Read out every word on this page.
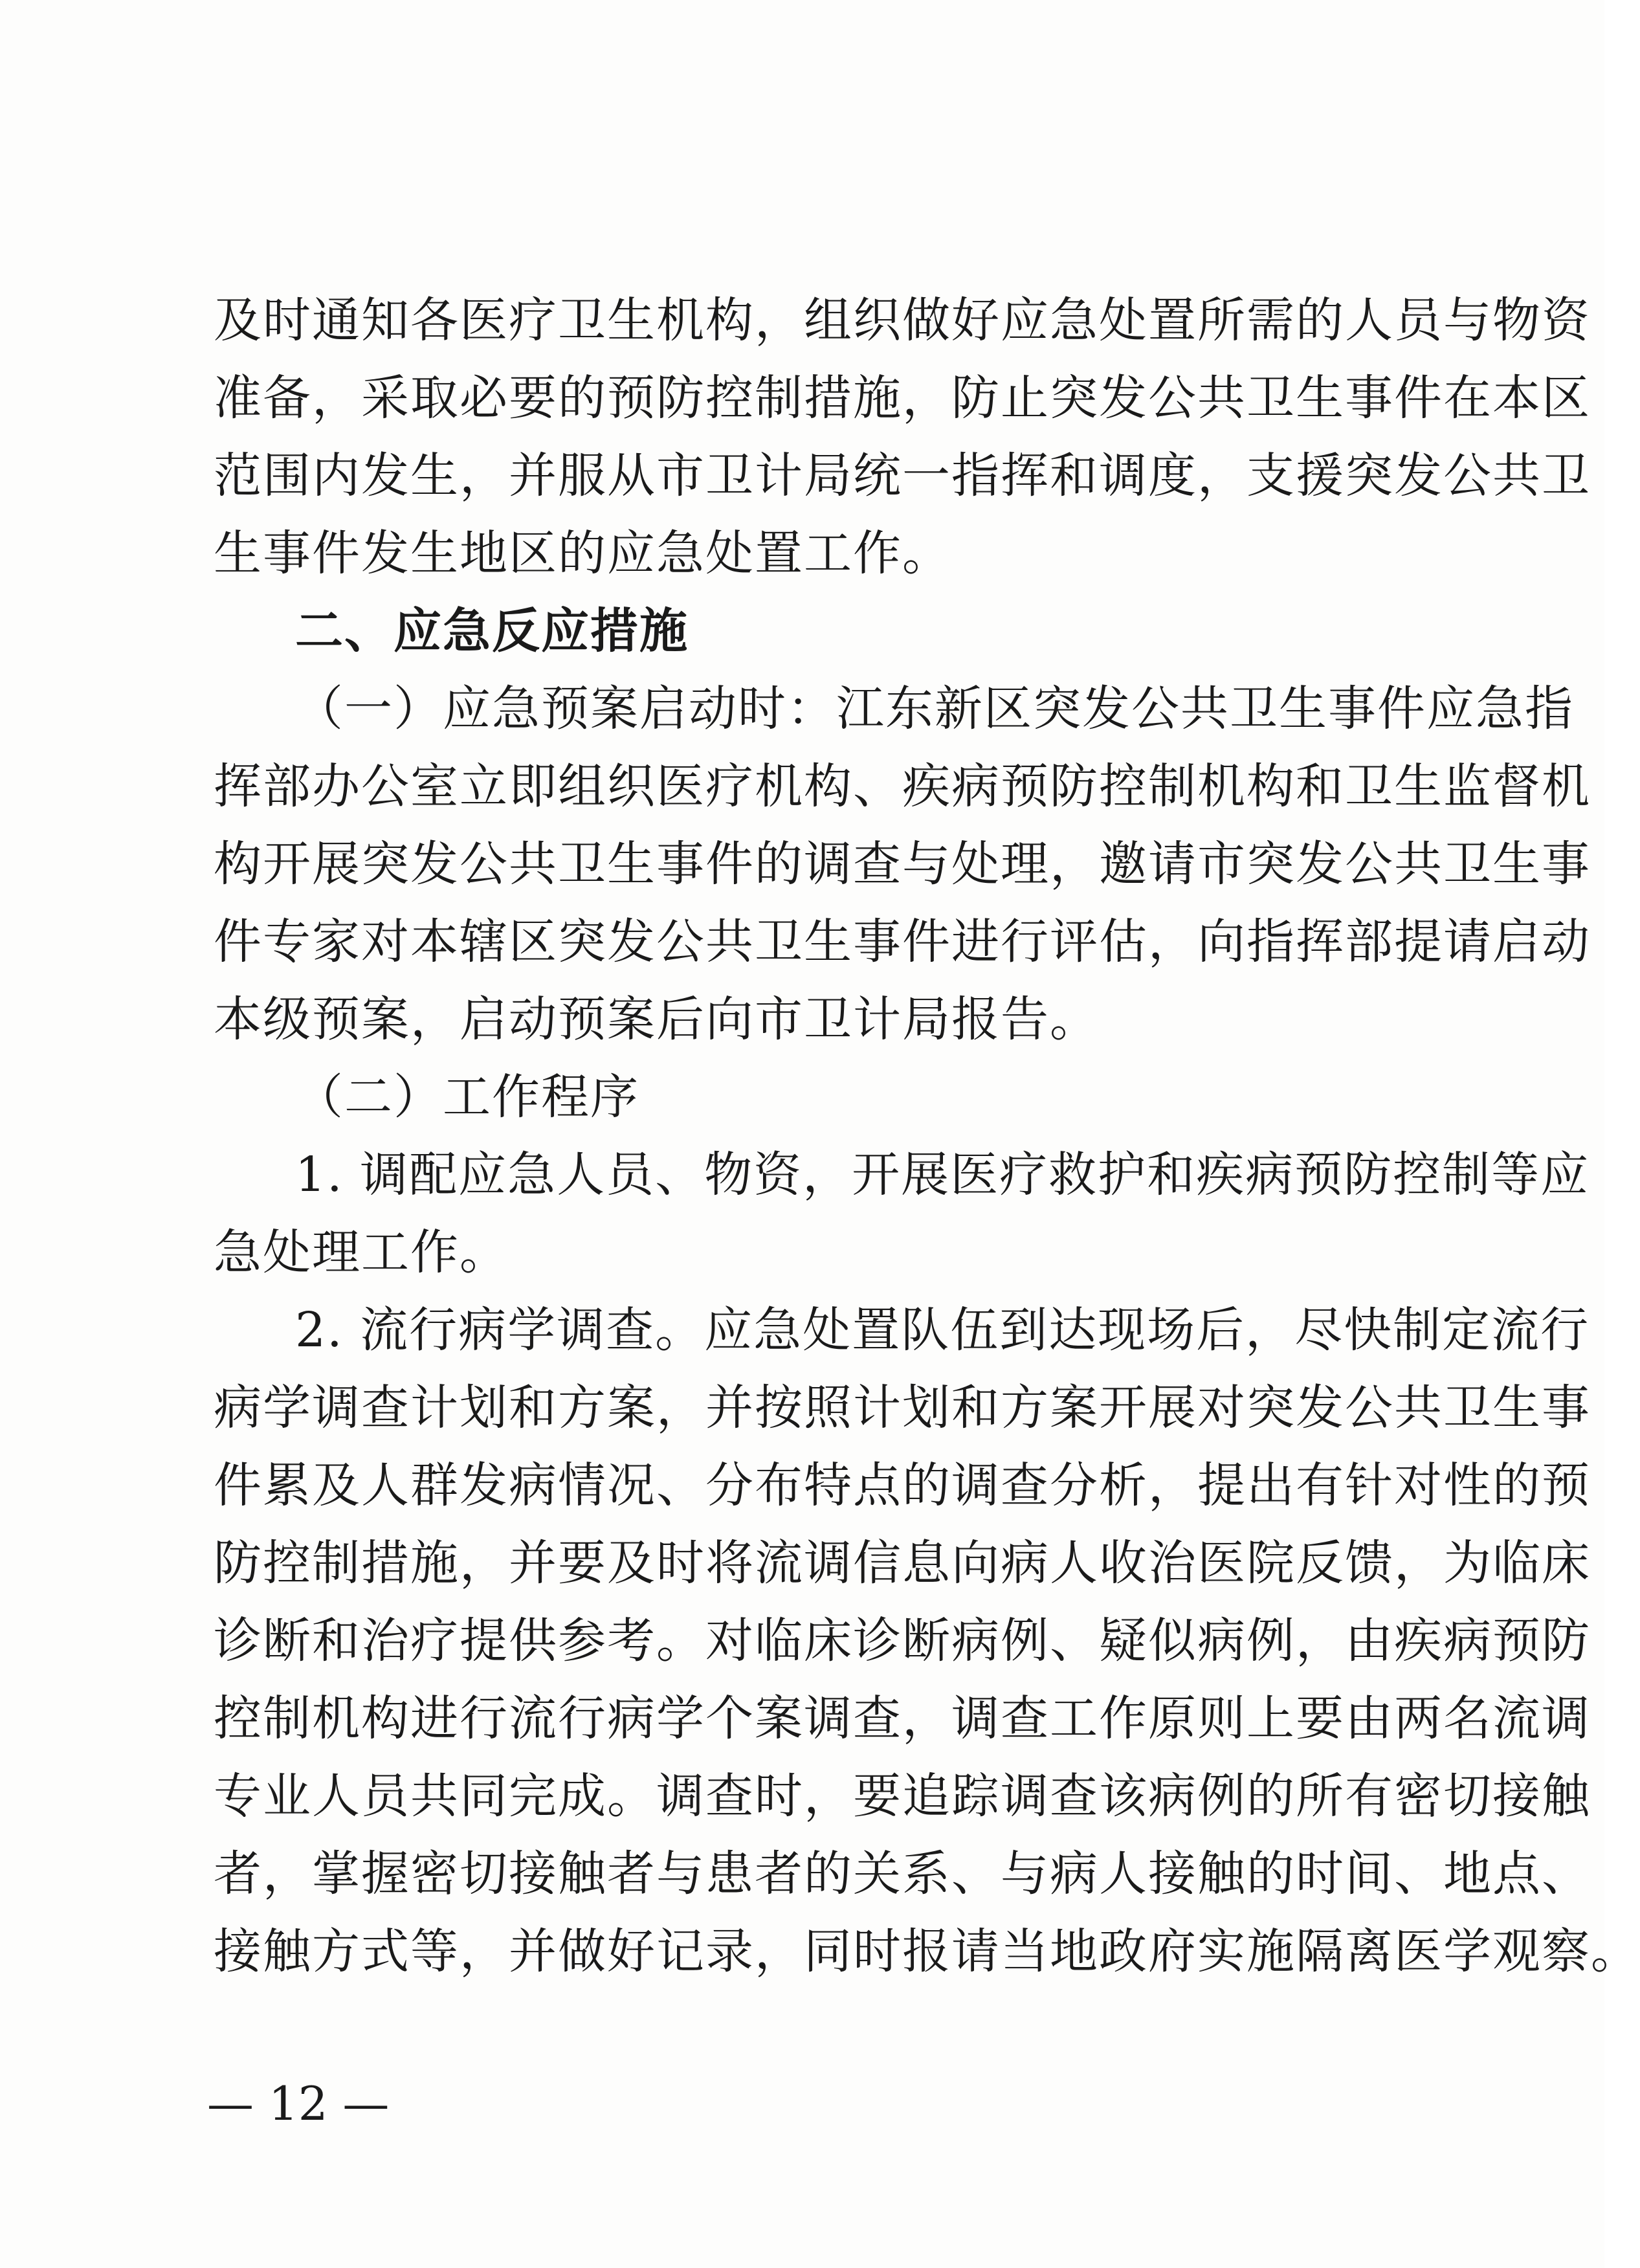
及时通知各医疗卫生机构，组织做好应急处置所需的人员与物资
准备，采取必要的预防控制措施，防止突发公共卫生事件在本区
范围内发生，并服从市卫计局统一指挥和调度，支援突发公共卫
生事件发生地区的应急处置工作。
二、应急反应措施
（一）应急预案启动时：江东新区突发公共卫生事件应急指
挥部办公室立即组织医疗机构、疾病预防控制机构和卫生监督机
构开展突发公共卫生事件的调查与处理，邀请市突发公共卫生事
件专家对本辖区突发公共卫生事件进行评估，向指挥部提请启动
本级预案，启动预案后向市卫计局报告。
（二）工作程序
1. 调配应急人员、物资，开展医疗救护和疾病预防控制等应
急处理工作。
2. 流行病学调查。应急处置队伍到达现场后，尽快制定流行
病学调查计划和方案，并按照计划和方案开展对突发公共卫生事
件累及人群发病情况、分布特点的调查分析，提出有针对性的预
防控制措施，并要及时将流调信息向病人收治医院反馈，为临床
诊断和治疗提供参考。对临床诊断病例、疑似病例，由疾病预防
控制机构进行流行病学个案调查，调查工作原则上要由两名流调
专业人员共同完成。调查时，要追踪调查该病例的所有密切接触
者，掌握密切接触者与患者的关系、与病人接触的时间、地点、
接触方式等，并做好记录，同时报请当地政府实施隔离医学观察。
— 12 —
